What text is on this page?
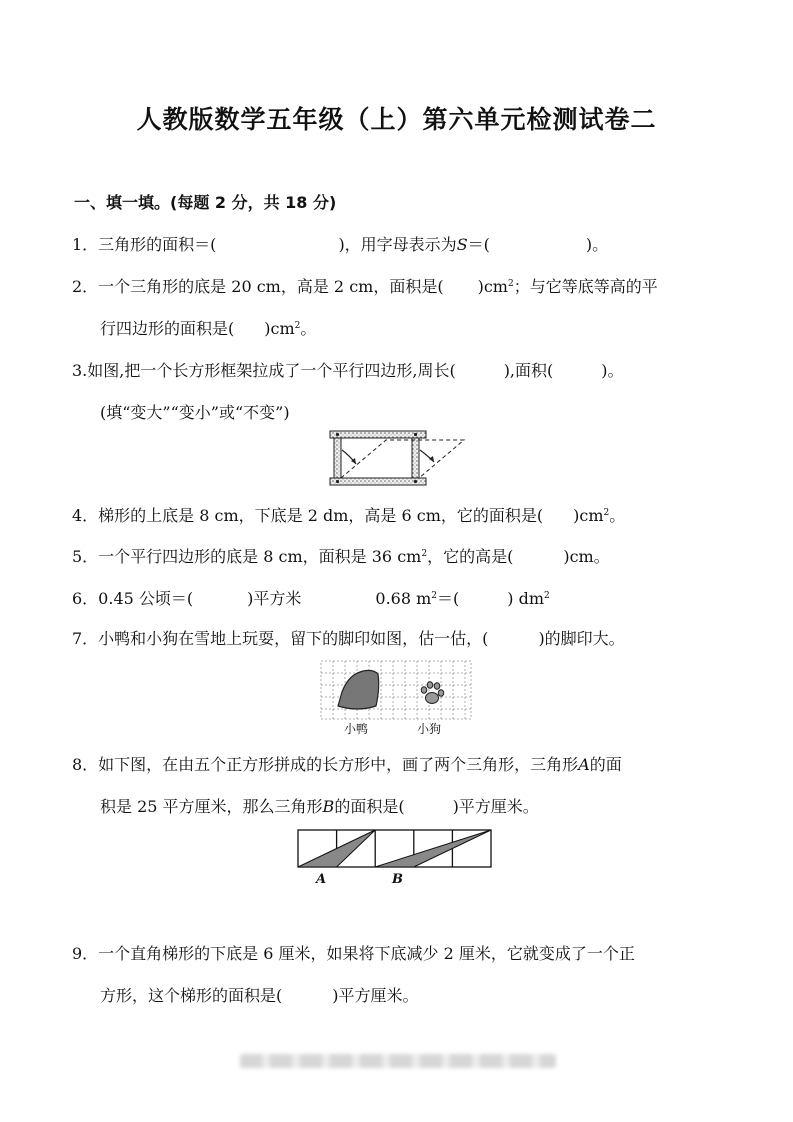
人教版数学五年级（上）第六单元检测试卷二
一、填一填。(每题 2 分，共 18 分)
1．三角形的面积＝(	)，用字母表示为S＝(	)。
2．一个三角形的底是 20 cm，高是 2 cm，面积是( )$cm^2$；与它等底等高的平
行四边形的面积是( )$cm^2$。
3.如图,把一个长方形框架拉成了一个平行四边形,周长(	),面积(	)。
(填“变大”“变小”或“不变”)
4．梯形的上底是 8 cm，下底是 2 dm，高是 6 cm，它的面积是( )$cm^2$。
5．一个平行四边形的底是 8 cm，面积是 36 $cm^2$，它的高是(	)cm。
6．0.45 公顷＝(	)平方米	0.68 $m^2=$(	) $dm^2$
7．小鸭和小狗在雪地上玩耍，留下的脚印如图，估一估，(	)的脚印大。
小鸭	小狗
8．如下图，在由五个正方形拼成的长方形中，画了两个三角形，三角形A的面
积是 25 平方厘米，那么三角形B的面积是(	)平方厘米。
A	B
9．一个直角梯形的下底是 6 厘米，如果将下底减少 2 厘米，它就变成了一个正
方形，这个梯形的面积是(	)平方厘米。
